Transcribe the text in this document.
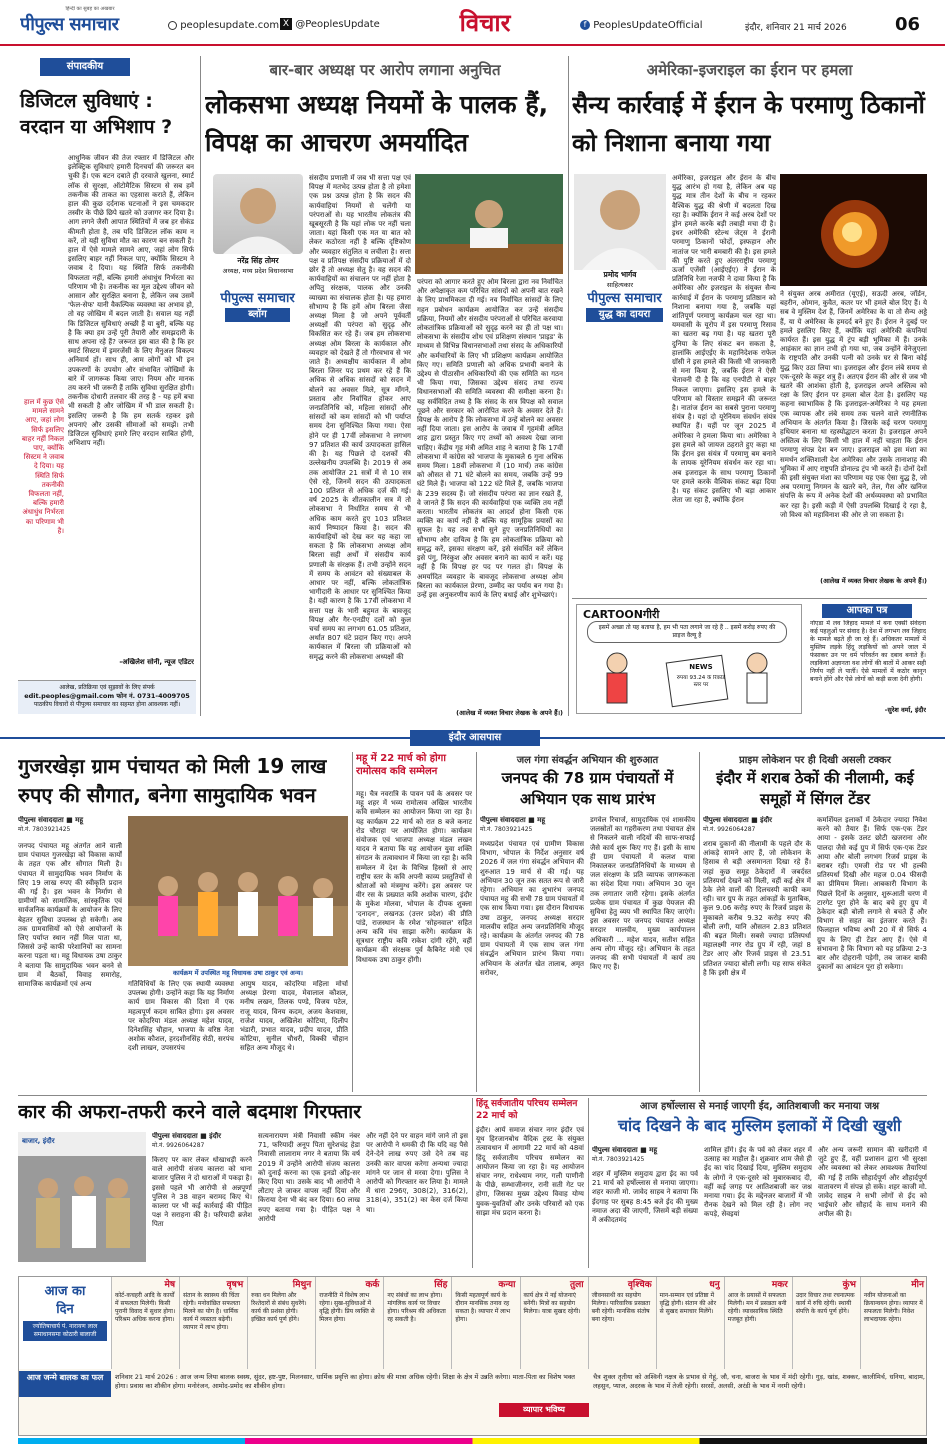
हिन्दी का सुबह का अखबार
पीपुल्स समाचार	peoplesupdate.com X @PeoplesUpdate	विचार	f PeoplesUpdateOfficial	इंदौर, शनिवार 21 मार्च 2026	06
संपादकीय
डिजिटल सुविधाएं : वरदान या अभिशाप ?
हाल में कुछ ऐसे मामले सामने आए, जहां लोग सिर्फ इसलिए बाहर नहीं निकल पाए, क्योंकि सिस्टम ने जवाब दे दिया। यह स्थिति सिर्फ तकनीकी विफलता नहीं, बल्कि हमारी अंधाधुंध निर्भरता का परिणाम भी है।
आधुनिक जीवन की तेज रफ्तार में डिजिटल और इलेक्ट्रिक सुविधाएं हमारी दिनचर्या की जरूरत बन चुकी हैं। एक बटन दबाते ही दरवाजे खुलना, स्मार्ट लॉक से सुरक्षा, ऑटोमैटिक सिस्टम से सब हमें तकनीक की ताकत का एहसास कराते हैं, लेकिन हाल की कुछ दर्दनाक घटनाओं ने इस चमकदार तस्वीर के पीछे छिपे खतरे को उजागर कर दिया है। आग लगने जैसी आपात स्थितियों में जब हर सेकंड कीमती होता है, तब यदि डिजिटल लॉक काम न करें, तो यही सुविधा मौत का कारण बन सकती है। हाल में ऐसे मामले सामने आए, जहां लोग सिर्फ इसलिए बाहर नहीं निकल पाए, क्योंकि सिस्टम ने जवाब दे दिया। यह स्थिति सिर्फ तकनीकी विफलता नहीं, बल्कि हमारी अंधाधुंध निर्भरता का परिणाम भी है। तकनीक का मूल उद्देश्य जीवन को आसान और सुरक्षित बनाना है, लेकिन जब उसमें 'फेल-सेफ' यानी वैकल्पिक व्यवस्था का अभाव हो, तो वह जोखिम में बदल जाती है। सवाल यह नहीं कि डिजिटल सुविधाएं अच्छी हैं या बुरी, बल्कि यह है कि क्या हम उन्हें पूरी तैयारी और समझदारी के साथ अपना रहे हैं? जरूरत इस बात की है कि हर स्मार्ट सिस्टम में इमरजेंसी के लिए मैनुअल विकल्प अनिवार्य हों। साथ ही, आम लोगों को भी इन उपकरणों के उपयोग और संभावित जोखिमों के बारे में जागरूक किया जाए। नियम और मानक तय करने भी जरूरी हैं ताकि सुविधा सुरक्षित होगी। तकनीक दोधारी तलवार की तरह है - यह हमें बचा भी सकती है और जोखिम में भी डाल सकती है। इसलिए जरूरी है कि हम सतर्क रहकर इसे अपनाएं और उसकी सीमाओं को समझें। तभी डिजिटल सुविधाएं हमारे लिए वरदान साबित होंगी, अभिशाप नहीं।
-अखिलेश सोनी, न्यूज एडिटर
आलेख, प्रतिक्रिया एवं सुझावों के लिए संपर्क
edit.peoples@gmail.com फोन नं. 0731-4009705
पाठकीय विचारों से पीपुल्स समाचार का सहमत होना आवश्यक नहीं।
बार-बार अध्यक्ष पर आरोप लगाना अनुचित
लोकसभा अध्यक्ष नियमों के पालक हैं, विपक्ष का आचरण अमर्यादित
नरेंद्र सिंह तोमर
अध्यक्ष, मध्य प्रदेश विधानसभा
पीपुल्स समाचार
ब्लॉग
संसदीय प्रणाली में जब भी सत्ता पक्ष एवं विपक्ष में मतभेद उत्पन्न होता है तो हमेशा एक प्रश्न उत्पन्न होता है कि सदन की कार्यवाहियां नियमों से चलेंगी या परंपराओं से। यह भारतीय लोकतंत्र की खूबसूरती है कि यहां लोक पर नहीं चला जाता। यहां किसी एक मत या बात को लेकर कठोरता नहीं है बल्कि दृष्टिकोण और व्यवहार संतुलित व लचीला है। सत्ता पक्ष व प्रतिपक्ष संसदीय प्रक्रियाओं में दो छोर हैं तो अध्यक्ष सेतु है। वह सदन की कार्यवाहियों का संचालन पर नहीं होता है अपितु संरक्षक, पालक और उनकी व्याख्या का संचालक होता है। यह हमारा सौभाग्य है कि हमें ओम बिरला जैसा अध्यक्ष मिला है जो अपने पूर्ववर्ती अध्यक्षों की परंपरा को सुदृढ़ और विकसित कर रहे हैं। जब हम लोकसभा अध्यक्ष ओम बिरला के कार्यकाल और व्यवहार को देखते हैं तो गौरवभाव से भर जाते हैं। अध्यक्षीय कार्यकाल में ओम बिरला जिनर पद प्रथम कर रहे हैं कि अधिक से अधिक सांसदों को सदन में बोलने का अवसर मिले, सूत्र माँगने, प्रस्ताव और निर्वाचित होकर आए जनप्रतिनिधि को, महिला सांसदों और सांसदों को कम सांसदों को भी पर्याप्त समय देना सुनिश्चित किया गया। ऐसा होने पर ही 17वीं लोकसभा ने लगभग 97 प्रतिशत की कार्य उत्पादकता हासिल की है। यह पिछले दो दशकों की उल्लेखनीय उपलब्धि है। 2019 से अब तक आयोजित 21 सत्रों में से 10 सत्र ऐसे रहे, जिनमें सदन की उत्पादकता 100 प्रतिशत से अधिक दर्ज की गई। वर्ष 2025 के शीतकालीन सत्र में तो लोकसभा ने निर्धारित समय से भी अधिक काम करते हुए 103 प्रतिशत कार्य निष्पादन किया है। सदन की कार्यवाहियों को देख कर यह कहा जा सकता है कि लोकसभा अध्यक्ष ओम बिरला सही अर्थों में संसदीय कार्य प्रणाली के संरक्षक हैं। तभी उन्होंने सदन में समय के आवंटन को संख्याबल के आधार पर नहीं, बल्कि लोकतांत्रिक भागीदारी के आधार पर सुनिश्चित किया है। यही कारण है कि 17वीं लोकसभा में सत्ता पक्ष के भारी बहुमत के बावजूद विपक्ष और गैर-एनडीए दलों को कुल चर्चा समय का लगभग 61.05 प्रतिशत, अर्थात 807 घंटे प्रदान किए गए। अपने कार्यकाल में बिरला जी प्रक्रियाओं को समृद्ध करने की लोकसभा अध्यक्षों की
परंपरा को आगार करते हुए ओम बिरला द्वारा नव निर्वाचित और अपेक्षाकृत कम परिचित सांसदों को अपनी बात रखने के लिए प्राथमिकता दी गई। नव निर्वाचित सांसदों के लिए गहन प्रबोधन कार्यक्रम आयोजित कर उन्हें संसदीय प्रक्रिया, नियमों और संसदीय परंपराओं से परिचित करवाया लोकतांत्रिक प्रक्रियाओं को सुदृढ़ करने का ही तो पक्ष था। लोकसभा के संसदीय शोध एवं प्रशिक्षण संस्थान 'प्राइड' के माध्यम से विभिन्न विधानसभाओं तथा संसद के अधिकारियों और कर्मचारियों के लिए भी प्रशिक्षण कार्यक्रम आयोजित किए गए। समिति प्रणाली को अधिक प्रभावी बनाने के उद्देश्य से पीठासीन अधिकारियों की एक समिति का गठन भी किया गया, जिसका उद्देश्य संसद तथा राज्य विधानसभाओं की समिति व्यवस्था की समीक्षा करना है। यह सर्वविदित तथ्य है कि संसद के सत्र विपक्ष को सवाल पूछने और सरकार को आरोपित करने के अवसर देते हैं। विपक्ष के आरोप है कि लोकसभा में उन्हें बोलने का अवसर नहीं दिया जाता। इस आरोप के जवाब में गृहमंत्री अमित शाह द्वारा प्रस्तुत किए गए तथ्यों को अवश्य देखा जाना चाहिए। केंद्रीय गृह मंत्री अमित शाह ने बताया है कि 17वीं लोकसभा में कांग्रेस को भाजपा के मुकाबले 6 गुना अधिक समय मिला। 18वीं लोकसभा में (10 मार्च) तक कांग्रेस को औसत से 71 घंटे बोलने का समय, जबकि उन्हें 99 घंटे मिले हैं। भाजपा को 122 घंटे मिले हैं, जबकि भाजपा के 239 सदस्य हैं। जो संसदीय परंपरा का ज्ञान रखते हैं, वे जानते हैं कि सदन की कार्यवाहियां एक व्यक्ति तय नहीं करता। भारतीय लोकतंत्र का आदर्श होना किसी एक व्यक्ति का कार्य नहीं है बल्कि यह सामूहिक प्रयासों का सुफल है। यह तब सभी सुने हुए जनप्रतिनिधियों का सौभाग्य और दायित्व है कि हम लोकतांत्रिक प्रक्रिया को समृद्ध करें, इसका संरक्षण करें, इसे संवर्धित करें लेकिन इसे पंगु, निरंकुश और अवसर बनाने का कार्य न करें। यह नहीं है कि विपक्ष हर पद पर गलत हो। विपक्ष के अमर्यादित व्यवहार के बावजूद लोकसभा अध्यक्ष ओम बिरला का कार्यकाल प्रेरणा, उम्मीद का पर्याय बन गया है। उन्हें इस अनुकरणीय कार्य के लिए बधाई और शुभेच्छाएं।
(आलेख में व्यक्त विचार लेखक के अपने हैं।)
अमेरिका-इजराइल का ईरान पर हमला
सैन्य कार्रवाई में ईरान के परमाणु ठिकानों को निशाना बनाया गया
प्रमोद भार्गव
साहित्यकार
पीपुल्स समाचार
युद्ध का दायरा
अमेरिका, इजराइल और ईरान के बीच युद्ध आरंभ हो गया है, लेकिन अब यह युद्ध मात्र तीन देशों के बीच न रहकर वैश्विक युद्ध की श्रेणी में बदलता दिख रहा है। क्योंकि ईरान ने कई अरब देशों पर ड्रोन हमले करके बड़ी तबाही मचा दी है। इधर अमेरिकी स्टेल्थ जेट्स ने ईरानी परमाणु ठिकानों फोर्दो, इस्फहान और नातांज पर भारी बमबारी की है। इस हमले की पुष्टि करते हुए अंतरराष्ट्रीय परमाणु ऊर्जा एजेंसी (आईएईए) ने ईरान के प्रतिनिधि रेजा नजफी ने दावा किया है कि अमेरिका और इजराइल के संयुक्त सैन्य कार्रवाई में ईरान के परमाणु प्रतिष्ठान को निशाना बनाया गया है, जबकि यहां शांतिपूर्ण परमाणु कार्यक्रम चल रहा था। यमवासी के यूरोप में इस परमाणु रिसाव का खतरा बढ़ गया है। यह खतरा पूरी दुनिया के लिए संकट बन सकता है, हालांकि आईएईए के महानिदेशक राफेल ग्रॉसी ने इस हमले की किसी भी जानकारी से मना किया है, जबकि ईरान ने ऐसी चेतावनी दी है कि वह एनपीटी से बाहर निकल जाएगा। इसलिए इस हमले के परिणाम को विस्तार समझने की जरूरत है। नातांज ईरान का सबसे पुराना परमाणु संयंत्र है। यहां दो यूरेनियम संवर्धन संयंत्र स्थापित हैं। यहीं पर जून 2025 में अमेरिका ने हमला किया था। अमेरिका ने इस हमले को जायज ठहराते हुए कहा था कि ईरान इस संयंत्र में परमाणु बम बनाने के लायक यूरेनियम संवर्धन कर रहा था। अब इजराइल के साथ परमाणु ठिकानों पर हमले करके वैश्विक संकट बढ़ा दिया है। यह संकट इसलिए भी बड़ा आकार लेता जा रहा है, क्योंकि ईरान
ने संयुक्त अरब अमीरात (यूएई), सऊदी अरब, जॉर्डन, बहरीन, ओमान, कुवैत, कतर पर भी हमले बोल दिए हैं। ये सब वे मुस्लिम देश हैं, जिनमें अमेरिका के या तो सैन्य अड्डे हैं, या ये अमेरिका के हमदर्द बने हुए हैं। ईरान ने दुबई पर हमले इसलिए किए हैं, क्योंकि यहां अमेरिकी कंपनियां कार्यरत हैं। इस युद्ध में ट्रंप बड़ी भूमिका में हैं। उनके आहंकार का ज्ञान तभी हो गया था, जब उन्होंने वेनेजुएला के राष्ट्रपति और उनकी पत्नी को उनके घर से बिना कोई युद्ध किए उठा लिया था। इजराइल और ईरान लंबे समय से एक-दूसरे के कट्टर शत्रु हैं। अतएव ईरान की ओर से जब भी खतरे की आशंका होती है, इजराइल अपने अस्तित्व को रक्षा के लिए ईरान पर हमला बोल देता है। इसलिए यह कहना स्वाभाविक है कि इजराइल-अमेरिका ने यह हमला एक व्यापक और लंबे समय तक चलने वाले रणनीतिक अभियान के अंतर्गत किया है। जिसके कई चरण परमाणु हथियार बनाना था रहस्योद्घाटन करता है। इजराइल अपने अस्तित्व के लिए किसी भी हाल में नहीं चाहता कि ईरान परमाणु संपन्न देश बन जाए। इजराइल को इस मंशा का समर्थन शक्तिशाली देश अमेरिका और उसके तानाशाह की भूमिका में आए राष्ट्रपति डोनाल्ड ट्रंप भी करते हैं। दोनों देशों की इसी संयुक्त मंशा का परिणाम यह एक ऐसा युद्ध है, जो अब परमाणु निगमन के खतरे बने, तेल, गैस और खनिज संपत्ति के रूप में अनेक देशों की अर्थव्यवस्था को प्रभावित कर रहा है। इसी कड़ी में ऐसी उपलब्धि दिखाई दे रहा है, जो विश्व को महाविनाश की ओर ले जा सकता है।
(आलेख में व्यक्त विचार लेखक के अपने हैं।)
CARTOONगीरी
इसमें अच्छा तो यह बताया है, हम भी पता लगाने जा रहे हैं .. इसमें करोड़ रुपए की प्राइज वैल्यू है
NEWS
रुपया 93.24 के रिकॉर्ड स्तर पर
आपका पत्र
नोएडा में लव जिहाद मामले में बना एक्सी संवेदना कई पहलुओं पर संवाद है। देश में लगभग लव जिहाद के मामले बढ़ते ही जा रहे हैं। अधिकतर मामलों में मुस्लिम लड़के हिंदू लड़कियों को अपने जाल में फंसाकर उन पर धर्म परिवर्तन का दबाव बनाते हैं। लड़कियां अज्ञानता वश लोगों की बातों में आकर सही निर्णय नहीं ले पातीं। ऐसे मामलों में कठोर कानून बनाने होंगे और ऐसे लोगों को कड़ी सजा देनी होगी।
-सुरेश वर्मा, इंदौर
इंदौर आसपास
गुजरखेड़ा ग्राम पंचायत को मिली 19 लाख रुपए की सौगात, बनेगा सामुदायिक भवन
पीपुल्स संवाददाता ■ महू
मो.नं. 7803921425
जनपद पंचायत महू अंतर्गत आने वाली ग्राम पंचायत गुजरखेड़ा को विकास कार्यों के तहत एक और सौगात मिली है। पंचायत में सामुदायिक भवन निर्माण के लिए 19 लाख रुपए की स्वीकृति प्रदान की गई है। इस भवन के निर्माण से ग्रामीणों को सामाजिक, सांस्कृतिक एवं सार्वजनिक कार्यक्रमों के आयोजन के लिए बेहतर सुविधा उपलब्ध हो सकेगी। अब तक ग्रामवासियों को ऐसे आयोजनों के लिए पर्याप्त स्थान नहीं मिल पाता था, जिससे उन्हें काफी परेशानियों का सामना करना पड़ता था। महू विधायक उषा ठाकुर ने बताया कि सामुदायिक भवन बनने से ग्राम में बैठकों, विवाह समारोह, सामाजिक कार्यक्रमों एवं अन्य
कार्यक्रम में उपस्थित महू विधायक उषा ठाकुर एवं अन्य।
गतिविधियों के लिए एक स्थायी व्यवस्था उपलब्ध होगी। उन्होंने कहा कि यह निर्माण कार्य ग्राम विकास की दिशा में एक महत्वपूर्ण कदम साबित होगा। इस अवसर पर कोदरिया मंडल अध्यक्ष महेश यादव, दिनेशसिंह चौहान, भाजपा के वरिष्ठ नेता अशोक कौशल, हरदशीनसिंह सेठी, सरपंच दशी लाखन, उपसरपंच
आयुष यादव, कोदरिया महिला मोर्चा अध्यक्ष प्रेरणा यादव, मेवालाल कौशल, मनीष लखन, तिलक पण्डे, विजय पटेल, राजू यादव, विनय कदम, अजय केशवास, राजेश यादव, अखिलेश कोटिया, दिलीप भंडारी, प्रभात यादव, प्रदीप यादव, प्रीति कोटिया, सुनील चौधरी, विक्की चौहान सहित अन्य मौजूद थे।
महू में 22 मार्च को होगा रामोत्सव कवि सम्मेलन
महू। चैत्र नवरात्रि के पावन पर्व के अवसर पर महू शहर में भव्य रामोत्सव अखिल भारतीय कवि सम्मेलन का आयोजन किया जा रहा है। यह कार्यक्रम 22 मार्च को रात 8 बजे कनाट रोड चौराहा पर आयोजित होगा। कार्यक्रम संयोजक एवं भाजपा अध्यक्ष मंडल लखन यादव ने बताया कि यह आयोजन युवा शक्ति संगठन के तत्वावधान में किया जा रहा है। कवि सम्मेलन में देश के विभिन्न हिस्सों से आए राष्ट्रीय स्तर के कवि अपनी काव्य प्रस्तुतियों से श्रोताओं को मंत्रमुग्ध करेंगे। इस अवसर पर वीर रस के प्रख्यात कवि अशोक चारण, इंदौर के मुकेश मोलवा, भोपाल के दीपक शुक्ला 'दनादन', लखनऊ (उत्तर प्रदेश) की प्रीति पांडे, राजस्थान के रमेश 'सोहनवाल' सहित अन्य कवि मंच साझा करेंगे। कार्यक्रम के सूत्रधार राष्ट्रीय कवि राकेश दांगी रहेंगे, वहीं कार्यक्रम की संरक्षक पूर्व कैबिनेट मंत्री एवं विधायक उषा ठाकुर होंगी।
जल गंगा संवर्द्धन अभियान की शुरुआत
जनपद की 78 ग्राम पंचायतों में अभियान एक साथ प्रारंभ
पीपुल्स संवाददाता ■ महू
मो.नं. 7803921425
मध्यप्रदेश पंचायत एवं ग्रामीण विकास विभाग, भोपाल के निर्देश अनुसार वर्ष 2026 में जल गंगा संवर्द्धन अभियान की शुरुआत 19 मार्च से की गई। यह अभियान 30 जून तक सतत रूप से जारी रहेगा। अभियान का शुभारंभ जनपद पंचायत महू की सभी 78 ग्राम पंचायतों में एक साथ किया गया। इस दौरान विधायक उषा ठाकुर, जनपद अध्यक्ष सरदार मालवीय सहित अन्य जनप्रतिनिधि मौजूद रहे। कार्यक्रम के अंतर्गत जनपद की 78 ग्राम पंचायतों में एक साथ जल गंगा संवर्द्धन अभियान प्रारंभ किया गया। अभियान के अंतर्गत खेत तालाब, अमृत सरोवर,
डगवेल रिचार्ज, सामुदायिक एवं शासकीय जलस्रोतों का गहरीकरण तथा पंचायत क्षेत्र से निकलने वाली नदियों की साफ-सफाई जैसे कार्य शुरू किए गए हैं। इसी के साथ ही ग्राम पंचायतों में कलश यात्रा निकालकर जनप्रतिनिधियों के माध्यम से जल संरक्षण के प्रति व्यापक जागरूकता का संदेश दिया गया। अभियान 30 जून तक लगातार जारी रहेगा। इसके अंतर्गत प्रत्येक ग्राम पंचायत में कुछ पेयजल की सुविधा हेतु व्यय भी स्थापित किए जाएंगे। इस अवसर पर जनपद पंचायत अध्यक्ष सरदार मालवीय, मुख्य कार्यपालन अधिकारी ... महेश यादव, सतीश सहित अन्य लोग मौजूद रहे। अभियान के तहत जनपद की सभी पंचायतों में कार्य तय किए गए हैं।
प्राइम लोकेशन पर ही दिखी असली टक्कर
इंदौर में शराब ठेकों की नीलामी, कई समूहों में सिंगल टेंडर
पीपुल्स संवाददाता ■ इंदौर
मो.नं. 9926064287
शराब दुकानों की नीलामी के पहले दौर के आंकड़े सामने आए हैं, जो लोकेशन के हिसाब से बड़ी असमानता दिखा रहे हैं। जहां कुछ समूह ठेकेदारों में जबर्दस्त प्रतिस्पर्धा देखने को मिली, वहीं कई क्षेत्र में ठेके लेने वालों की दिलचस्पी काफी कम रही। चार ग्रुप के तहत आंकड़ों के मुताबिक, कुल 9.06 करोड़ रुपए के रिजर्व प्राइस के मुकाबले करीब 9.32 करोड़ रुपए की बोली लगी, यानि औसतन 2.83 प्रतिशत की बढ़त मिली। सबसे ज्यादा प्रतिस्पर्धा महालक्ष्मी नगर रोड ग्रुप में रही, जहां 8 टेंडर आए और रिजर्व प्राइस से 23.51 प्रतिशत ज्यादा बोली लगी। यह साफ संकेत है कि इसी क्षेत्र में
कमर्शियल इलाकों में ठेकेदार ज्यादा निवेश करने को तैयार हैं। सिर्फ एक-एक टेंडर आया - इसके उलट छोटी खजराना और पालदा जैसे कई ग्रुप में सिर्फ एक-एक टेंडर आया और बोली लगभग रिजर्व प्राइस के बराबर रही। एमजी रोड पर भी हल्की प्रतिस्पर्धा दिखी और महज 0.04 फीसदी का प्रीमियम मिला। आबकारी विभाग के पिछले दिनों के अनुसार, शुरूआती चरण में टारगेट पूरा होने के बाद बचे हुए ग्रुप में ठेकेदार बड़ी बोली लगाने से बचते हैं और विभाग से सहत का इंतजार करते हैं। फिलहाल भविष्य अभी 20 में से सिर्फ 4 ग्रुप के लिए ही टेंडर आए हैं। ऐसे में संभावना है कि विभाग को यह प्रक्रिया 2-3 बार और दोहरानी पड़ेगी, तब जाकर बाकी दुकानों का आवंटन पूरा हो सकेगा।
कार की अफरा-तफरी करने वाले बदमाश गिरफ्तार
बाजार, इंदौर
पीपुल्स संवाददाता ■ इंदौर
मो.नं. 9926064287
किराए पर कार लेकर धोखाधड़ी करने वाले आरोपी संजय कालरा को थाना बाजार पुलिस ने दो धाराओं में पकड़ा है। इससे पहले भी आरोपी से अन्नपूर्णा पुलिस ने 38 वाहन बरामद किए थे। कालरा पर भी कई कार्रवाई की पीड़ित पक्ष ने सराहना की है। फरियादी ब्रजेश पिता
सत्यनारायण मंत्री निवासी स्कीम नंबर 71, फरियादी अनूप पिता सुरेशचंद्र हेडा निवासी लालाराम नगर ने बताया कि वर्ष 2019 में उन्होंने आरोपी संजय कालरा को दुनाई करना का एक इनडो ऑइ-सर किए दिया था। उसके बाद भी आरोपी ने लौटाए ले जाकर वापस नहीं दिया और किराया देना भी बंद कर दिया। 60 लाख रुपए बताया गया है। पीड़ित पक्ष ने आरोपी
और नहीं देने पर वाहन मांगे जाने तो इस पर आरोपी ने धमकी दी कि यदि वह पैसे देने-देने लाख रुपए उसे देने तब वह उनकी कार वापस करेगा अन्यथा ज्यादा मांगने पर जान से मरवा देगा। पुलिस ने आरोपी को गिरफ्तार कर लिया है। मामले में धारा 296ए, 308(2), 316(2), 318(4), 351(2) का केस दर्ज किया था।
हिंदू सर्वजातीय परिचय सम्मेलन 22 मार्च को
इंदौर। आर्य समाज संचार नगर इंदौर एवं यूथ हिरजानबोध वैदिक ट्रस्ट के संयुक्त तत्वावधान में आगामी 22 मार्च को 48वां हिंदू सर्वजातीय परिचय सम्मेलन का आयोजन किया जा रहा है। यह आयोजन संचार नगर, राधेश्याम नगर, गली पाणीनी के पीछे, सम्भाजीनगर, रानी सती गेट पर होगा, जिसका मुख्य उद्देश्य विवाह योग्य युवक-युवतियों और उनके परिवारों को एक साझा मंच प्रदान करना है।
आज हर्षोल्लास से मनाई जाएगी ईद, आतिशबाजी कर मनाया जश्न
चांद दिखने के बाद मुस्लिम इलाकों में दिखी खुशी
पीपुल्स संवाददाता ■ महू
मो.नं. 7803921425
शहर में मुस्लिम समुदाय द्वारा ईद का पर्व 21 मार्च को हर्षोल्लास से मनाया जाएगा। शहर काजी मो. जावेद साहब ने बताया कि ईदगाह पर सुबह 8:45 बजे ईद की मुख्य नमाज अदा की जाएगी, जिसमें बड़ी संख्या में अकीदतमंद
शामिल होंगे। ईद के पर्व को लेकर शहर में उत्साह का माहौल है। शुक्रवार शाम जैसे ही ईद का चांद दिखाई दिया, मुस्लिम समुदाय के लोगों ने एक-दूसरे को मुबारकबाद दी, वहीं कई जगह पर आतिशबाजी कर जश्न मनाया गया। ईद के मद्देनजर बाजारों में भी रौनक देखने को मिल रही है। लोग नए कपड़े, सेवइयां
और अन्य जरूरी सामान की खरीदारी में जुटे हुए हैं, वहीं प्रशासन द्वारा भी सुरक्षा और व्यवस्था को लेकर आवश्यक तैयारियां की गई हैं ताकि सौहार्दपूर्ण और शौहार्दपूर्ण वातावरण में संपन्न हो सके। शहर काजी मो. जावेद साहब ने सभी लोगों से ईद को भाईचारे और सौहार्द के साथ मनाने की अपील की है।
आज का
दिन
ज्योतिषाचार्य पं. नारायण लाल समाधानसमा कोठारी बालाजी
मेष
कोर्ट-कचहरी आदि के कार्यों में सफलता मिलेगी। किसी पुरानी विवाद में सुधार होगा। परिश्रम अधिक करना होगा।
वृषभ
संतान के स्वास्थ्य की चिंता रहेगी। मनोवांछित सफलता मिलने का योग है। धार्मिक कार्य में व्यस्तता बढ़ेगी। व्यापार में लाभ होगा।
मिथुन
रुका धन मिलेगा और रिश्तेदारों से संबंध सुधरेंगे। कार्य की प्रशंसा होगी। इच्छित कार्य पूर्ण होंगे।
कर्क
राजनीति में विशेष लाभ रहेगा। सुख-सुविधाओं में वृद्धि होगी। प्रिय व्यक्ति से मिलन होगा।
सिंह
नए संबंधों का लाभ होगा। मांगलिक कार्य पर विचार होगा। परिश्रम की अधिकता रह सकती है।
कन्या
किसी महत्वपूर्ण कार्य के दौरान मानसिक तनाव रह सकता है। व्यापार में लाभ होगा।
तुला
कार्य क्षेत्र में नई योजनाएं बनेंगी। मित्रों का सहयोग मिलेगा। यात्रा सुखद रहेगी।
वृश्चिक
जीवनसाथी का सहयोग मिलेगा। पारिवारिक प्रसन्नता बनी रहेगी। मानसिक संतोष बना रहेगा।
धनु
मान-सम्मान एवं प्रतिष्ठा में वृद्धि होगी। संतान की ओर से सुखद समाचार मिलेंगे।
मकर
आज के प्रयासों में सफलता मिलेगी। मन में प्रसन्नता बनी रहेगी। व्यावसायिक स्थिति मजबूत होगी।
कुंभ
उदार विचार तथा रचनात्मक कार्य में रुचि रहेगी। स्थायी संपत्ति के कार्य पूर्ण होंगे।
मीन
नवीन योजनाओं का क्रियान्वयन होगा। व्यापार में सफलता मिलेगी। निवेश लाभदायक रहेगा।
आज जन्मे बालक का फल	शनिवार 21 मार्च 2026 : आज जन्म लिया बालक स्वस्थ, सुंदर, हष्ट-पुष्ट, मिलनसार, धार्मिक प्रवृत्ति का होगा। क्रोध की मात्रा अधिक रहेगी। शिक्षा के क्षेत्र में उन्नति करेगा। माता-पिता का विशेष भक्त होगा। प्रवास का शौकीन होगा। मनोरंजन, आमोद-प्रमोद का शौकीन होगा।
व्यापार भविष्य
चैत्र शुक्ल तृतीया को अश्विनी नक्षत्र के प्रभाव से गेहूं, जौ, चना, बाजरा के भाव में मंदी रहेगी। गुड़, खांड, शक्कर, कालीमिर्च, धनिया, बादाम, लहसुन, प्याज, अदरक के भाव में तेजी रहेगी। सरसों, अलसी, अरंडी के भाव में नरमी रहेगी।
